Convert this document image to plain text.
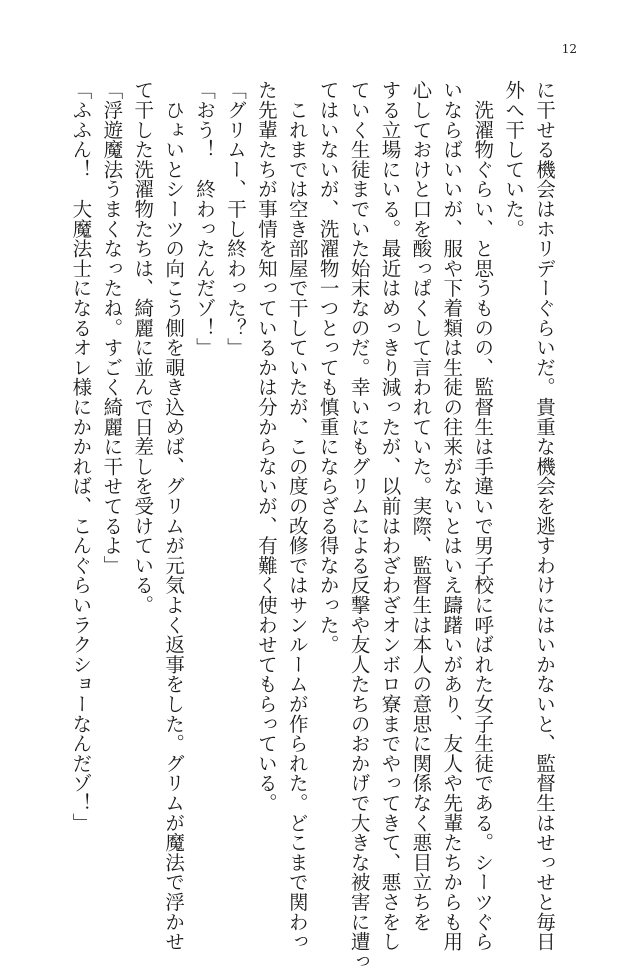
12
に干せる機会はホリデーぐらいだ。貴重な機会を逃すわけにはいかないと、監督生はせっせと毎日
外へ干していた。
　洗濯物ぐらい、と思うものの、監督生は手違いで男子校に呼ばれた女子生徒である。シーツぐら
いならばいいが、服や下着類は生徒の往来がないとはいえ躊躇いがあり、友人や先輩たちからも用
心しておけと口を酸っぱくして言われていた。実際、監督生は本人の意思に関係なく悪目立ちを
する立場にいる。最近はめっきり減ったが、以前はわざわざオンボロ寮までやってきて、悪さをし
ていく生徒までいた始末なのだ。幸いにもグリムによる反撃や友人たちのおかげで大きな被害に遭っ
てはいないが、洗濯物一つとっても慎重にならざる得なかった。
　これまでは空き部屋で干していたが、この度の改修ではサンルームが作られた。どこまで関わっ
た先輩たちが事情を知っているかは分からないが、有難く使わせてもらっている。
「グリムー、干し終わった？」
「おう！　終わったんだゾ！」
　ひょいとシーツの向こう側を覗き込めば、グリムが元気よく返事をした。グリムが魔法で浮かせ
て干した洗濯物たちは、綺麗に並んで日差しを受けている。
「浮遊魔法うまくなったね。すごく綺麗に干せてるよ」
「ふふん！　大魔法士になるオレ様にかかれば、こんぐらいラクショーなんだゾ！」
